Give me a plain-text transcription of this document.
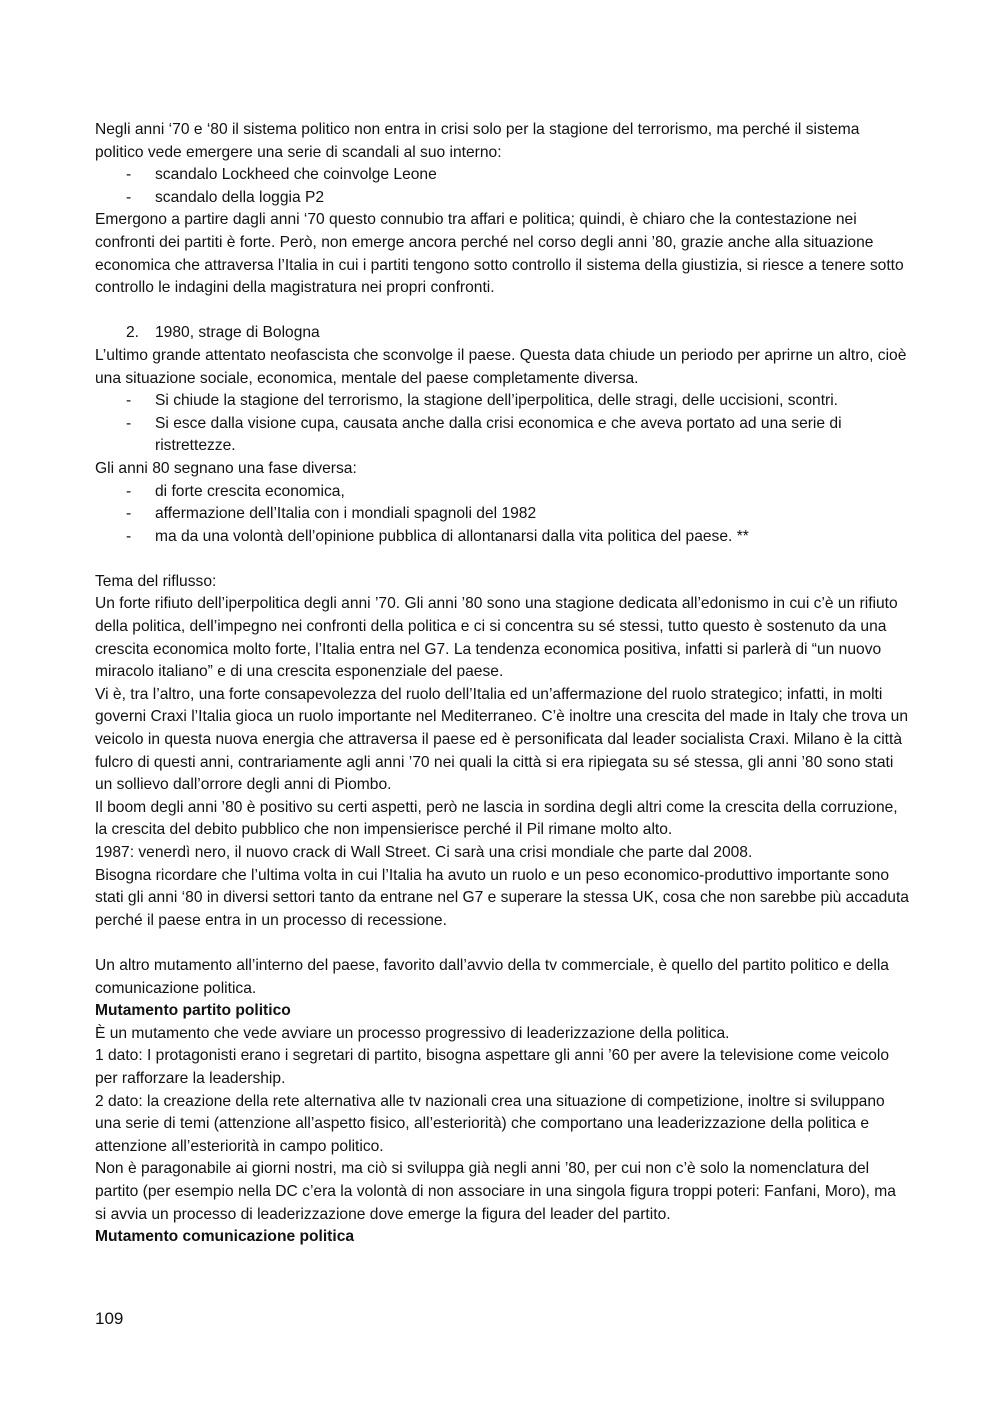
Negli anni ‘70 e ‘80 il sistema politico non entra in crisi solo per la stagione del terrorismo, ma perché il sistema politico vede emergere una serie di scandali al suo interno:

- scandalo Lockheed che coinvolge Leone
- scandalo della loggia P2

Emergono a partire dagli anni ‘70 questo connubio tra affari e politica; quindi, è chiaro che la contestazione nei confronti dei partiti è forte. Però, non emerge ancora perché nel corso degli anni ’80, grazie anche alla situazione economica che attraversa l’Italia in cui i partiti tengono sotto controllo il sistema della giustizia, si riesce a tenere sotto controllo le indagini della magistratura nei propri confronti.

2. 1980, strage di Bologna

L’ultimo grande attentato neofascista che sconvolge il paese. Questa data chiude un periodo per aprirne un altro, cioè una situazione sociale, economica, mentale del paese completamente diversa.

- Si chiude la stagione del terrorismo, la stagione dell’iperpolitica, delle stragi, delle uccisioni, scontri.
- Si esce dalla visione cupa, causata anche dalla crisi economica e che aveva portato ad una serie di ristrettezze.

Gli anni 80 segnano una fase diversa:

- di forte crescita economica,
- affermazione dell’Italia con i mondiali spagnoli del 1982
- ma da una volontà dell’opinione pubblica di allontanarsi dalla vita politica del paese. **

Tema del riflusso:

Un forte rifiuto dell’iperpolitica degli anni ’70. Gli anni ’80 sono una stagione dedicata all’edonismo in cui c’è un rifiuto della politica, dell’impegno nei confronti della politica e ci si concentra su sé stessi, tutto questo è sostenuto da una crescita economica molto forte, l’Italia entra nel G7. La tendenza economica positiva, infatti si parlerà di “un nuovo miracolo italiano” e di una crescita esponenziale del paese.

Vi è, tra l’altro, una forte consapevolezza del ruolo dell’Italia ed un’affermazione del ruolo strategico; infatti, in molti governi Craxi l’Italia gioca un ruolo importante nel Mediterraneo. C’è inoltre una crescita del made in Italy che trova un veicolo in questa nuova energia che attraversa il paese ed è personificata dal leader socialista Craxi. Milano è la città fulcro di questi anni, contrariamente agli anni ’70 nei quali la città si era ripiegata su sé stessa, gli anni ’80 sono stati un sollievo dall’orrore degli anni di Piombo.

Il boom degli anni ’80 è positivo su certi aspetti, però ne lascia in sordina degli altri come la crescita della corruzione, la crescita del debito pubblico che non impensierisce perché il Pil rimane molto alto.

1987: venerdì nero, il nuovo crack di Wall Street. Ci sarà una crisi mondiale che parte dal 2008.

Bisogna ricordare che l’ultima volta in cui l’Italia ha avuto un ruolo e un peso economico-produttivo importante sono stati gli anni ‘80 in diversi settori tanto da entrane nel G7 e superare la stessa UK, cosa che non sarebbe più accaduta perché il paese entra in un processo di recessione.

Un altro mutamento all’interno del paese, favorito dall’avvio della tv commerciale, è quello del partito politico e della comunicazione politica.

Mutamento partito politico

È un mutamento che vede avviare un processo progressivo di leaderizzazione della politica.

1 dato: I protagonisti erano i segretari di partito, bisogna aspettare gli anni ’60 per avere la televisione come veicolo per rafforzare la leadership.

2 dato: la creazione della rete alternativa alle tv nazionali crea una situazione di competizione, inoltre si sviluppano una serie di temi (attenzione all’aspetto fisico, all’esteriorità) che comportano una leaderizzazione della politica e attenzione all’esteriorità in campo politico.

Non è paragonabile ai giorni nostri, ma ciò si sviluppa già negli anni ’80, per cui non c’è solo la nomenclatura del partito (per esempio nella DC c’era la volontà di non associare in una singola figura troppi poteri: Fanfani, Moro), ma si avvia un processo di leaderizzazione dove emerge la figura del leader del partito.

Mutamento comunicazione politica

109
